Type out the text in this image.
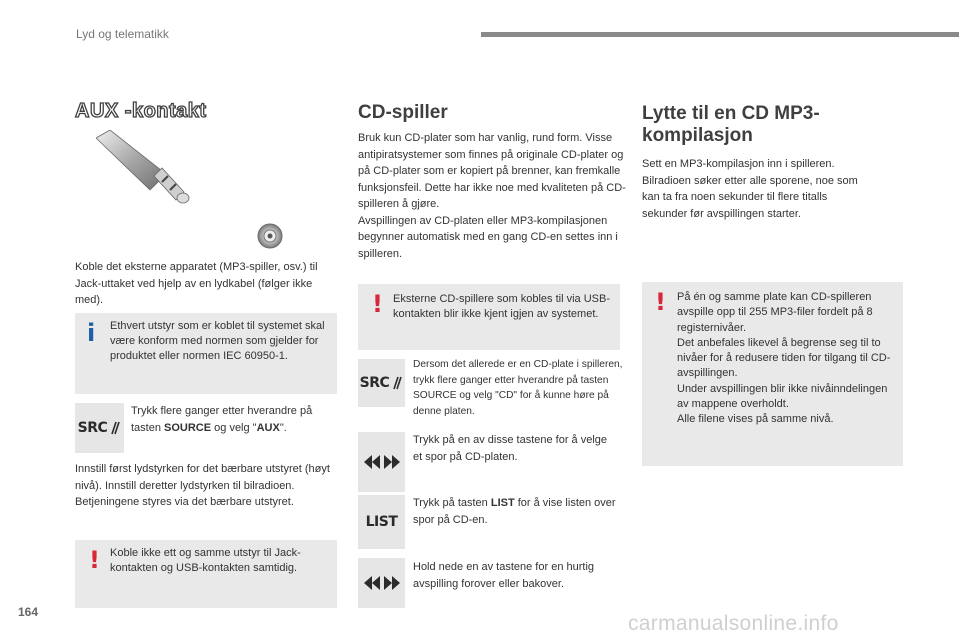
Lyd og telematikk
AUX -kontakt

Koble det eksterne apparatet (MP3-spiller, osv.) til Jack-uttaket ved hjelp av en lydkabel (følger ikke med).

i Ethvert utstyr som er koblet til systemet skal være konform med normen som gjelder for produktet eller normen IEC 60950-1.
SRC

Trykk flere ganger etter hverandre på tasten SOURCE og velg "AUX".

Innstill først lydstyrken for det bærbare utstyret (høyt nivå). Innstill deretter lydstyrken til bilradioen. Betjeningene styres via det bærbare utstyret.

! Koble ikke ett og samme utstyr til Jack-kontakten og USB-kontakten samtidig.
CD-spiller

Bruk kun CD-plater som har vanlig, rund form. Visse antipiratsystemer som finnes på originale CD-plater og på CD-plater som er kopiert på brenner, kan fremkalle funksjonsfeil. Dette har ikke noe med kvaliteten på CD-spilleren å gjøre.
Avspillingen av CD-platen eller MP3-kompilasjonen begynner automatisk med en gang CD-en settes inn i spilleren.

! Eksterne CD-spillere som kobles til via USB-kontakten blir ikke kjent igjen av systemet.
SRC

Dersom det allerede er en CD-plate i spilleren, trykk flere ganger etter hverandre på tasten SOURCE og velg "CD" for å kunne høre på denne platen.

Trykk på en av disse tastene for å velge et spor på CD-platen.

LIST

Trykk på tasten LIST for å vise listen over spor på CD-en.

Hold nede en av tastene for en hurtig avspilling forover eller bakover.

Lytte til en CD MP3-kompilasjon

Sett en MP3-kompilasjon inn i spilleren. Bilradioen søker etter alle sporene, noe som kan ta fra noen sekunder til flere titalls sekunder før avspillingen starter.

! På én og samme plate kan CD-spilleren avspille opp til 255 MP3-filer fordelt på 8 registernivåer.
Det anbefales likevel å begrense seg til to nivåer for å redusere tiden for tilgang til CD-avspillingen.
Under avspillingen blir ikke nivåinndelingen av mappene overholdt.
Alle filene vises på samme nivå.
164	carmanualsonline.info
